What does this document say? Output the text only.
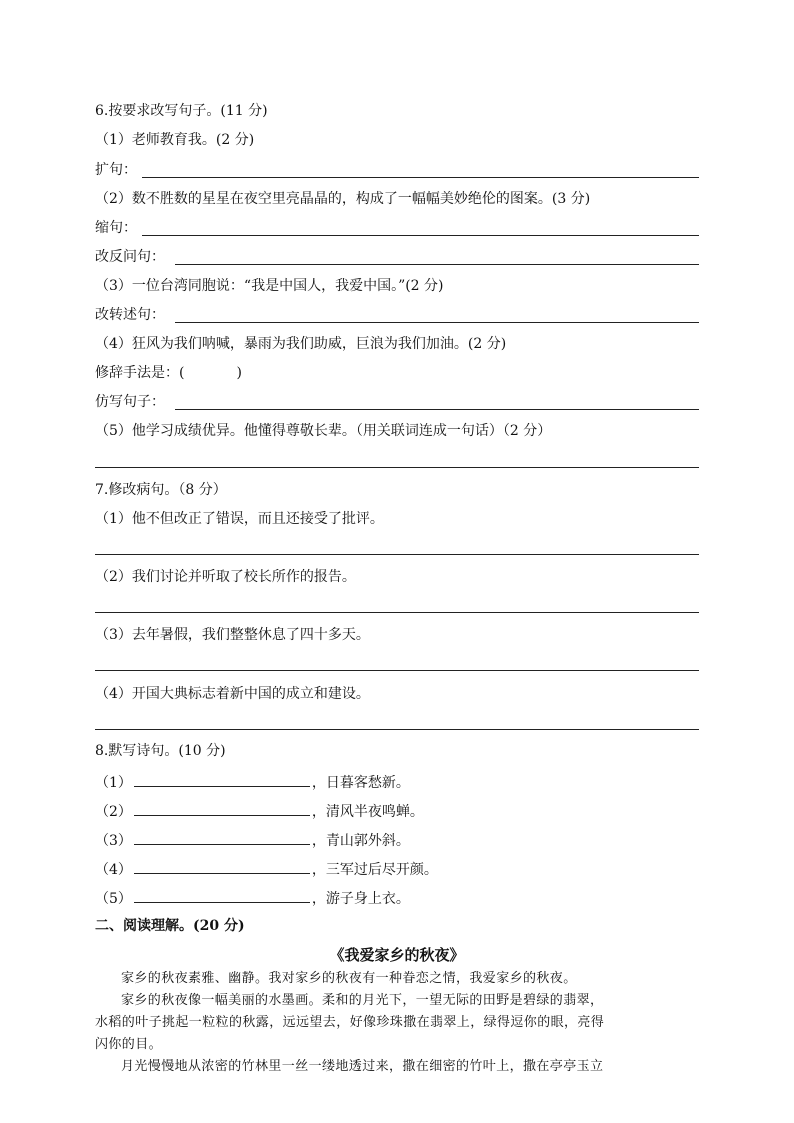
6.按要求改写句子。(11 分)
（1）老师教育我。(2 分)
扩句：
（2）数不胜数的星星在夜空里亮晶晶的，构成了一幅幅美妙绝伦的图案。(3 分)
缩句：
改反问句：
（3）一位台湾同胞说：“我是中国人，我爱中国。”(2 分)
改转述句：
（4）狂风为我们呐喊，暴雨为我们助威，巨浪为我们加油。(2 分)
修辞手法是：(	)
仿写句子：
（5）他学习成绩优异。他懂得尊敬长辈。（用关联词连成一句话）（2 分）
7.修改病句。（8 分）
（1）他不但改正了错误，而且还接受了批评。
（2）我们讨论并听取了校长所作的报告。
（3）去年暑假，我们整整休息了四十多天。
（4）开国大典标志着新中国的成立和建设。
8.默写诗句。(10 分)
（1）	，日暮客愁新。
（2）	，清风半夜鸣蝉。
（3）	，青山郭外斜。
（4）	，三军过后尽开颜。
（5）	，游子身上衣。
二、阅读理解。(20 分)
《我爱家乡的秋夜》
家乡的秋夜素雅、幽静。我对家乡的秋夜有一种眷恋之情，我爱家乡的秋夜。
家乡的秋夜像一幅美丽的水墨画。柔和的月光下，一望无际的田野是碧绿的翡翠，
水稻的叶子挑起一粒粒的秋露，远远望去，好像珍珠撒在翡翠上，绿得逗你的眼，亮得
闪你的目。
月光慢慢地从浓密的竹林里一丝一缕地透过来，撒在细密的竹叶上，撒在亭亭玉立
